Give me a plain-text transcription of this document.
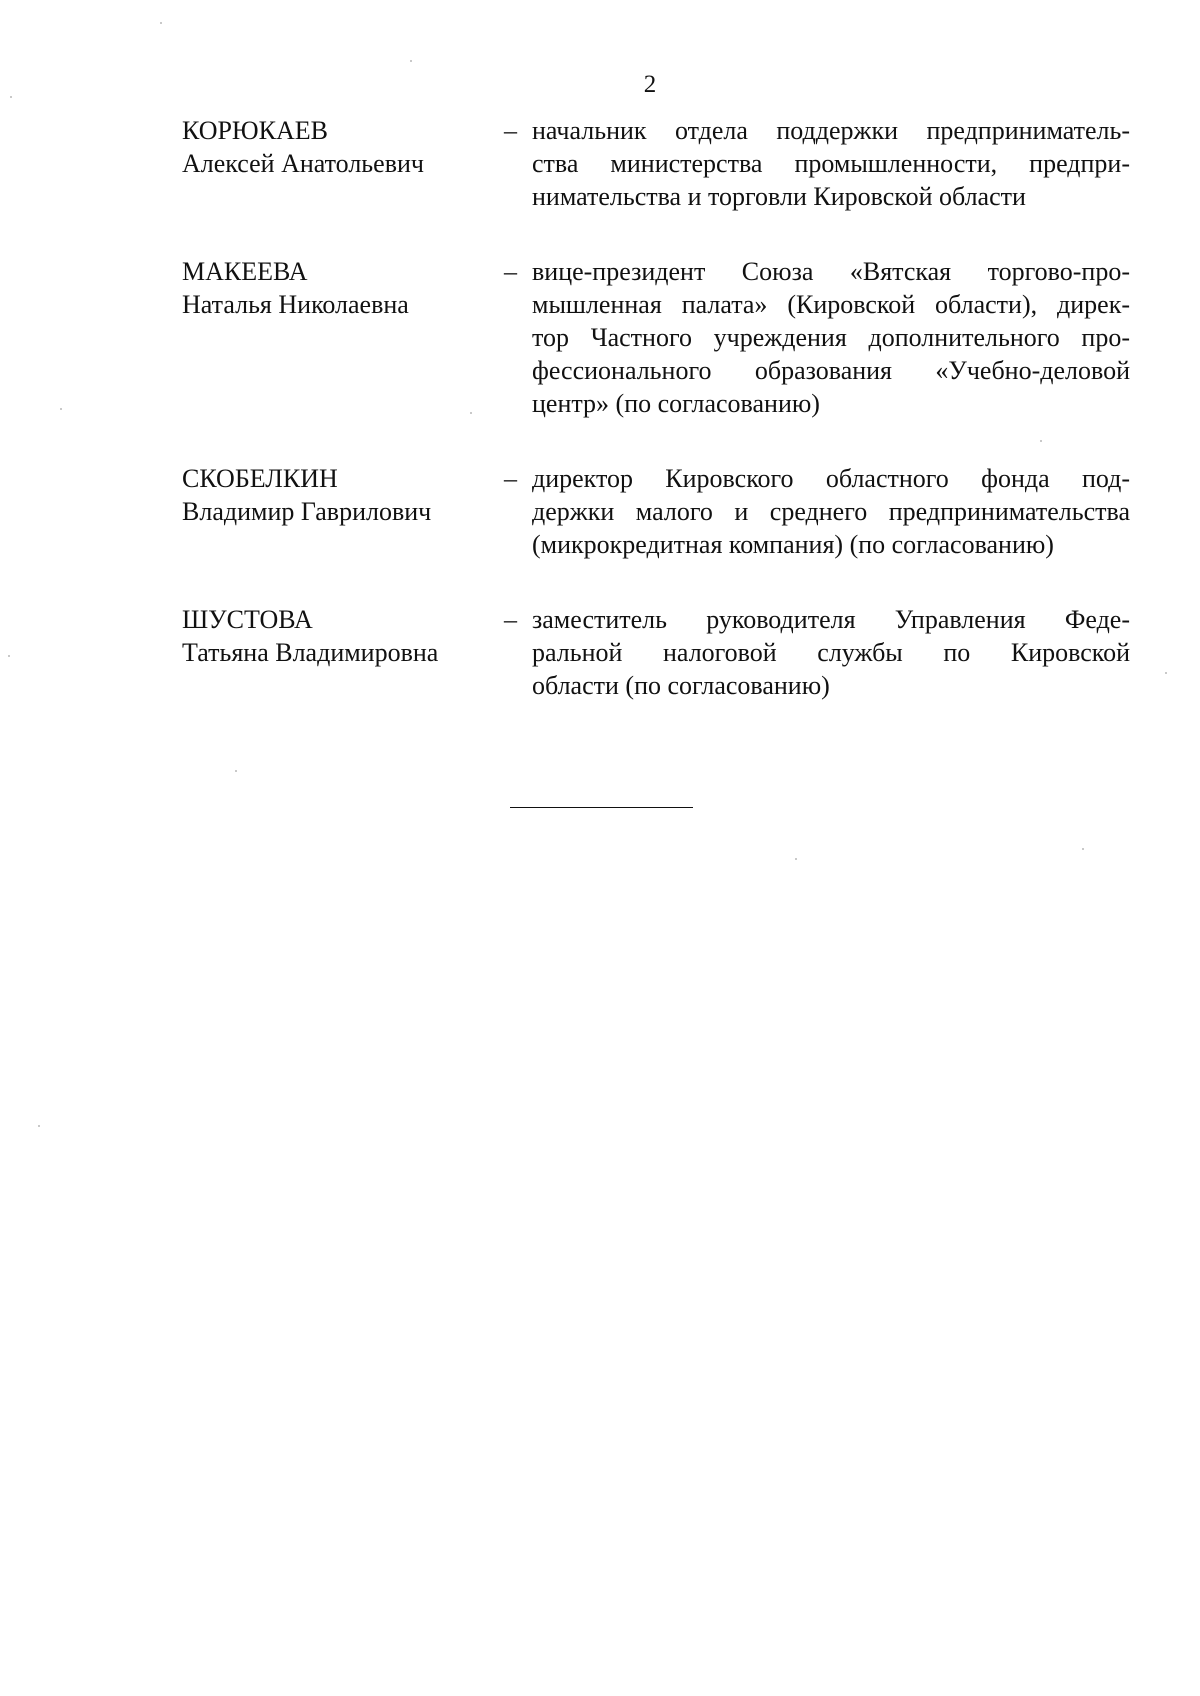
2
КОРЮКАЕВ
Алексей Анатольевич
– начальник отдела поддержки предприниматель-
ства министерства промышленности, предпри-
нимательства и торговли Кировской области
МАКЕЕВА
Наталья Николаевна
– вице-президент Союза «Вятская торгово-про-
мышленная палата» (Кировской области), дирек-
тор Частного учреждения дополнительного про-
фессионального образования «Учебно-деловой
центр» (по согласованию)
СКОБЕЛКИН
Владимир Гаврилович
– директор Кировского областного фонда под-
держки малого и среднего предпринимательства
(микрокредитная компания) (по согласованию)
ШУСТОВА
Татьяна Владимировна
– заместитель руководителя Управления Феде-
ральной налоговой службы по Кировской
области (по согласованию)
